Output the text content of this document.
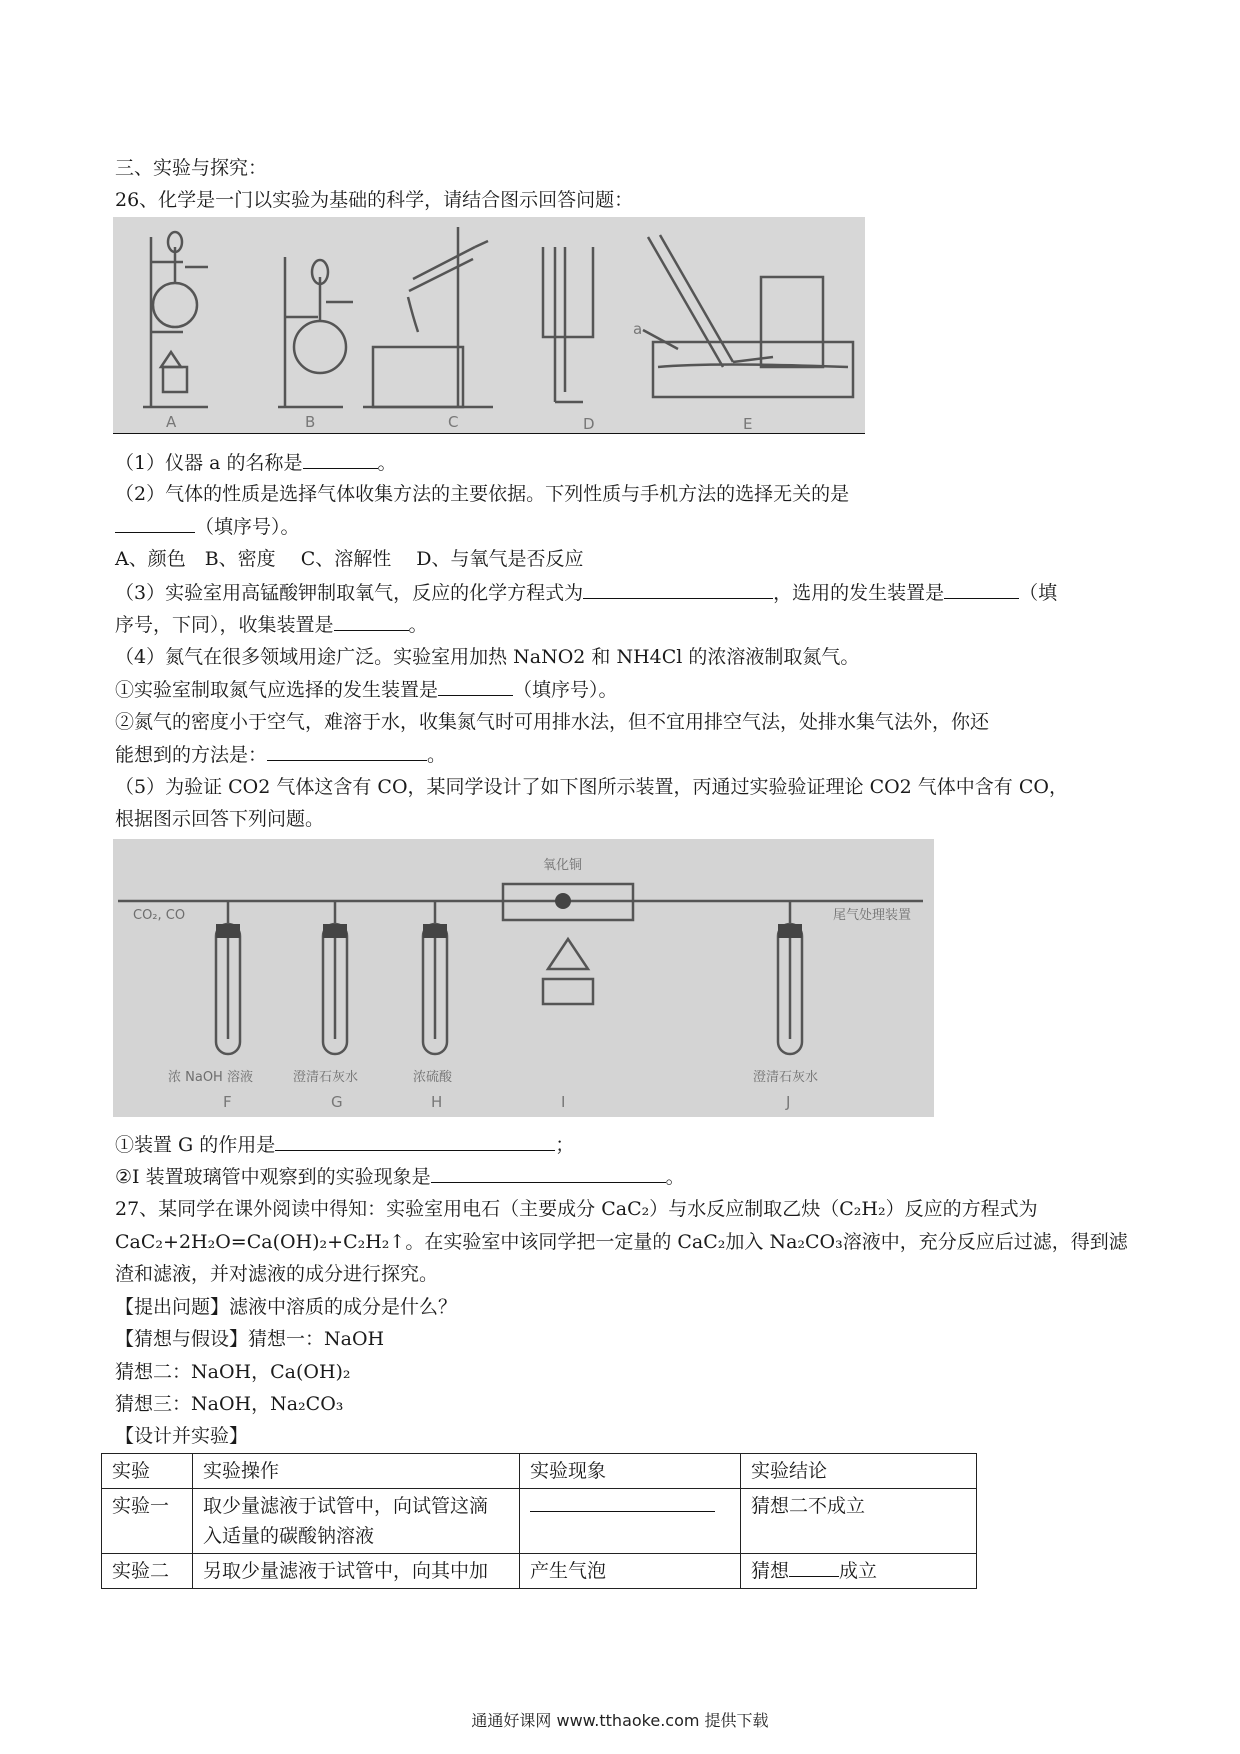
三、实验与探究：
26、化学是一门以实验为基础的科学，请结合图示回答问题：
a
A	B	C	D	E
（1）仪器 a 的名称是	。
（2）气体的性质是选择气体收集方法的主要依据。下列性质与手机方法的选择无关的是
（填序号）。
A、颜色　B、密度　 C、溶解性　 D、与氧气是否反应
（3）实验室用高锰酸钾制取氧气，反应的化学方程式为	，选用的发生装置是	（填
序号，下同），收集装置是	。
（4）氮气在很多领域用途广泛。实验室用加热 NaNO2 和 NH4Cl 的浓溶液制取氮气。
①实验室制取氮气应选择的发生装置是	（填序号）。
②氮气的密度小于空气，难溶于水，收集氮气时可用排水法，但不宜用排空气法，处排水集气法外，你还
能想到的方法是：	。
（5）为验证 CO2 气体这含有 CO，某同学设计了如下图所示装置，丙通过实验验证理论 CO2 气体中含有 CO，
根据图示回答下列问题。
CO₂, CO
氧化铜
尾气处理装置
浓 NaOH 溶液	澄清石灰水	浓硫酸	澄清石灰水
F	G	H	I	J
①装置 G 的作用是	；
②I 装置玻璃管中观察到的实验现象是	。
27、某同学在课外阅读中得知：实验室用电石（主要成分 CaC₂）与水反应制取乙炔（C₂H₂）反应的方程式为
CaC₂+2H₂O=Ca(OH)₂+C₂H₂↑。在实验室中该同学把一定量的 CaC₂加入 Na₂CO₃溶液中，充分反应后过滤，得到滤
渣和滤液，并对滤液的成分进行探究。
【提出问题】滤液中溶质的成分是什么？
【猜想与假设】猜想一：NaOH
猜想二：NaOH，Ca(OH)₂
猜想三：NaOH，Na₂CO₃
【设计并实验】
实验	实验操作	实验现象	实验结论
实验一	取少量滤液于试管中，向试管这滴
入适量的碳酸钠溶液		猜想二不成立
实验二	另取少量滤液于试管中，向其中加	产生气泡	猜想 成立
通通好课网 www.tthaoke.com 提供下载
